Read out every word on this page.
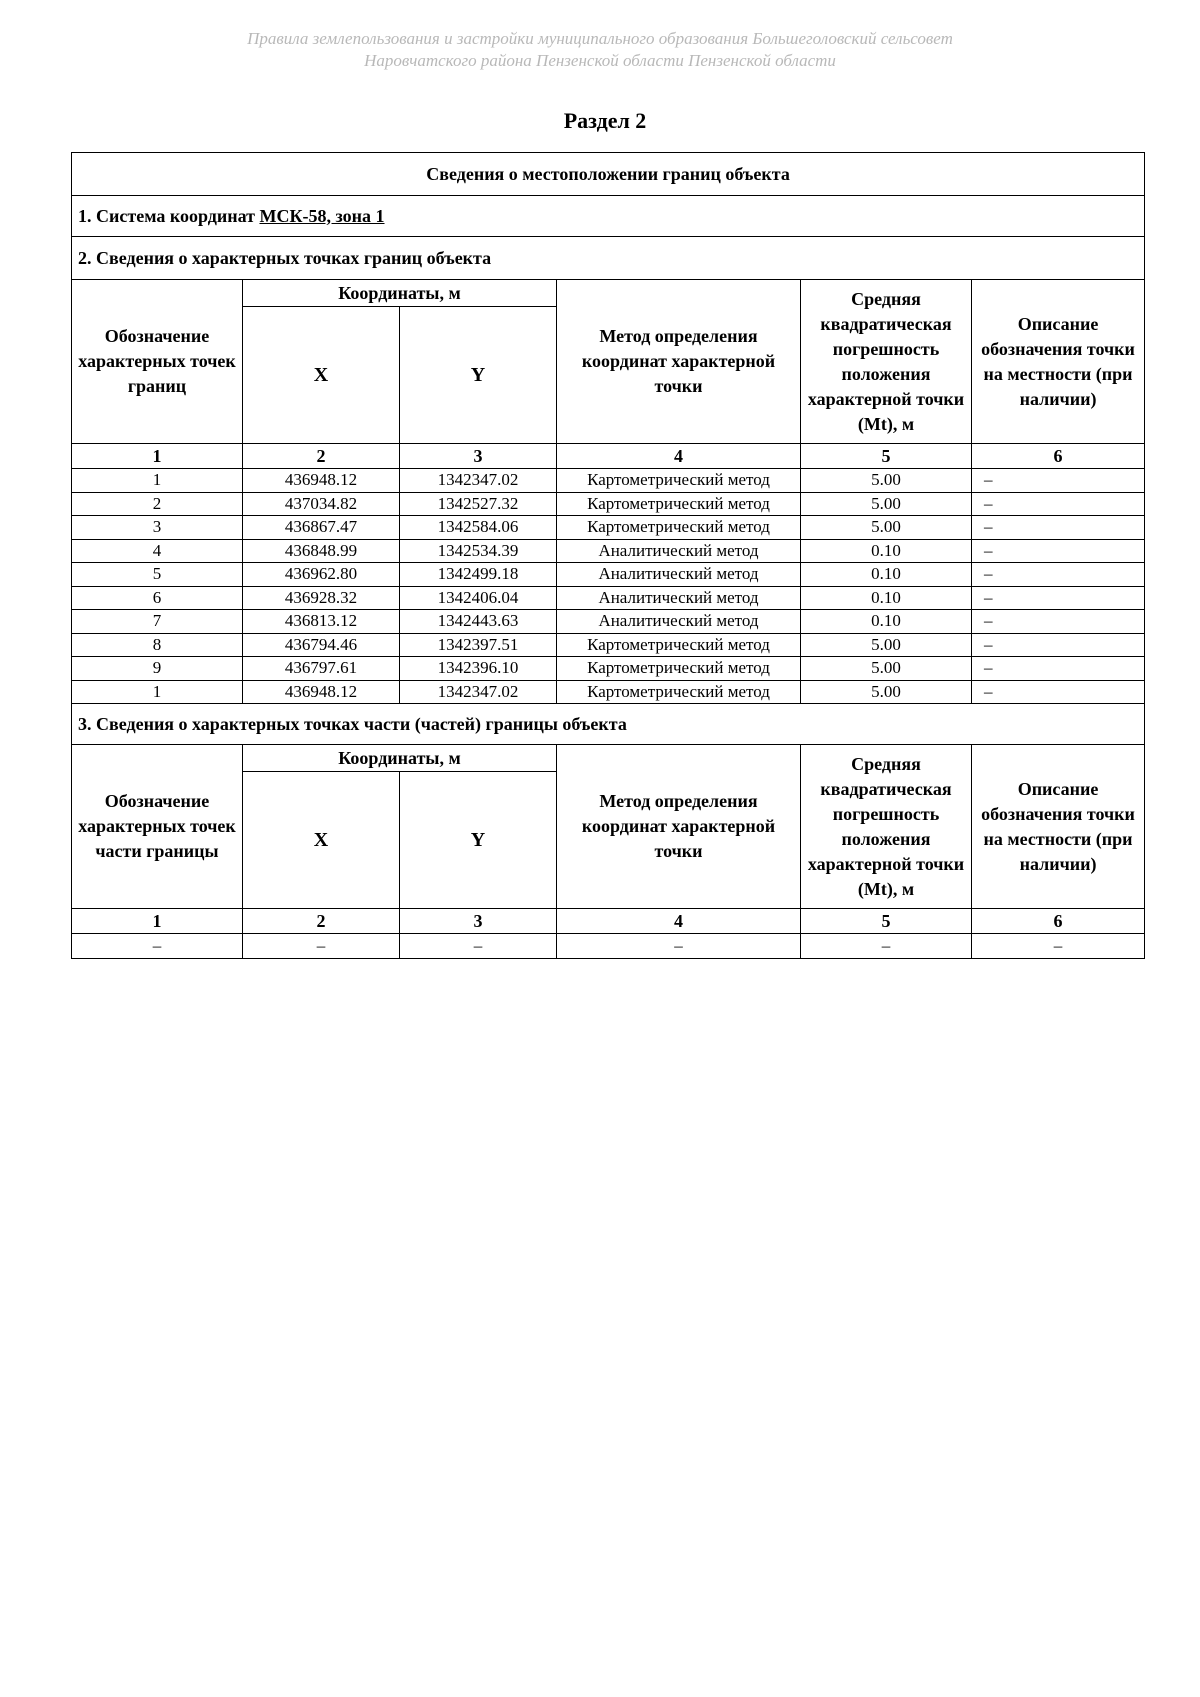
Правила землепользования и застройки муниципального образования Большеголовский сельсовет
Наровчатского района Пензенской области Пензенской области
Раздел 2
Сведения о местоположении границ объекта					
1. Система координат МСК-58, зона 1					
2. Сведения о характерных точках границ объекта					
Обозначение характерных точек границ	Координаты, м		Метод определения координат характерной точки	Средняя квадратическая погрешность положения характерной точки (Мt), м	Описание обозначения точки на местности (при наличии)
	X	Y			
1	2	3	4	5	6
1	436948.12	1342347.02	Картометрический метод	5.00	–
2	437034.82	1342527.32	Картометрический метод	5.00	–
3	436867.47	1342584.06	Картометрический метод	5.00	–
4	436848.99	1342534.39	Аналитический метод	0.10	–
5	436962.80	1342499.18	Аналитический метод	0.10	–
6	436928.32	1342406.04	Аналитический метод	0.10	–
7	436813.12	1342443.63	Аналитический метод	0.10	–
8	436794.46	1342397.51	Картометрический метод	5.00	–
9	436797.61	1342396.10	Картометрический метод	5.00	–
1	436948.12	1342347.02	Картометрический метод	5.00	–
3. Сведения о характерных точках части (частей) границы объекта					
Обозначение характерных точек части границы	Координаты, м		Метод определения координат характерной точки	Средняя квадратическая погрешность положения характерной точки (Мt), м	Описание обозначения точки на местности (при наличии)
	X	Y			
1	2	3	4	5	6
–	–	–	–	–	–
